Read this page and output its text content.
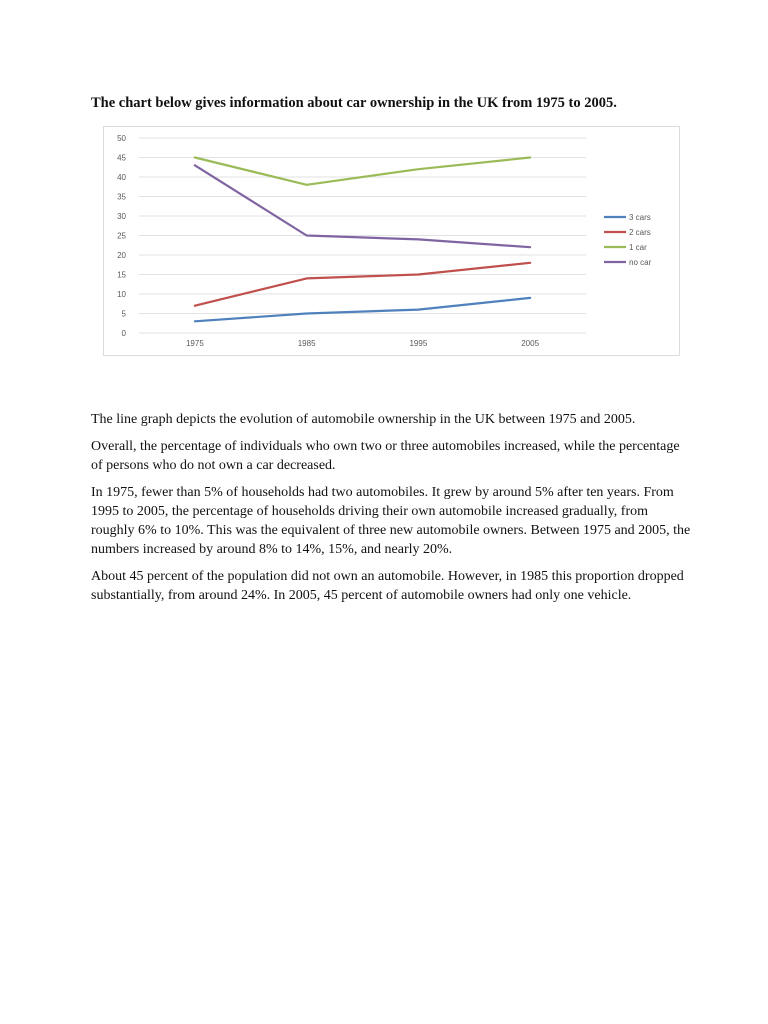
The chart below gives information about car ownership in the UK from 1975 to 2005.
0
5
10
15
20
25
30
35
40
45
50
1975	1985	1995	2005
3 cars
2 cars
1 car
no car

The line graph depicts the evolution of automobile ownership in the UK between 1975 and 2005.

Overall, the percentage of individuals who own two or three automobiles increased, while the percentage of persons who do not own a car decreased.

In 1975, fewer than 5% of households had two automobiles. It grew by around 5% after ten years. From 1995 to 2005, the percentage of households driving their own automobile increased gradually, from roughly 6% to 10%. This was the equivalent of three new automobile owners. Between 1975 and 2005, the numbers increased by around 8% to 14%, 15%, and nearly 20%.

About 45 percent of the population did not own an automobile. However, in 1985 this proportion dropped substantially, from around 24%. In 2005, 45 percent of automobile owners had only one vehicle.
